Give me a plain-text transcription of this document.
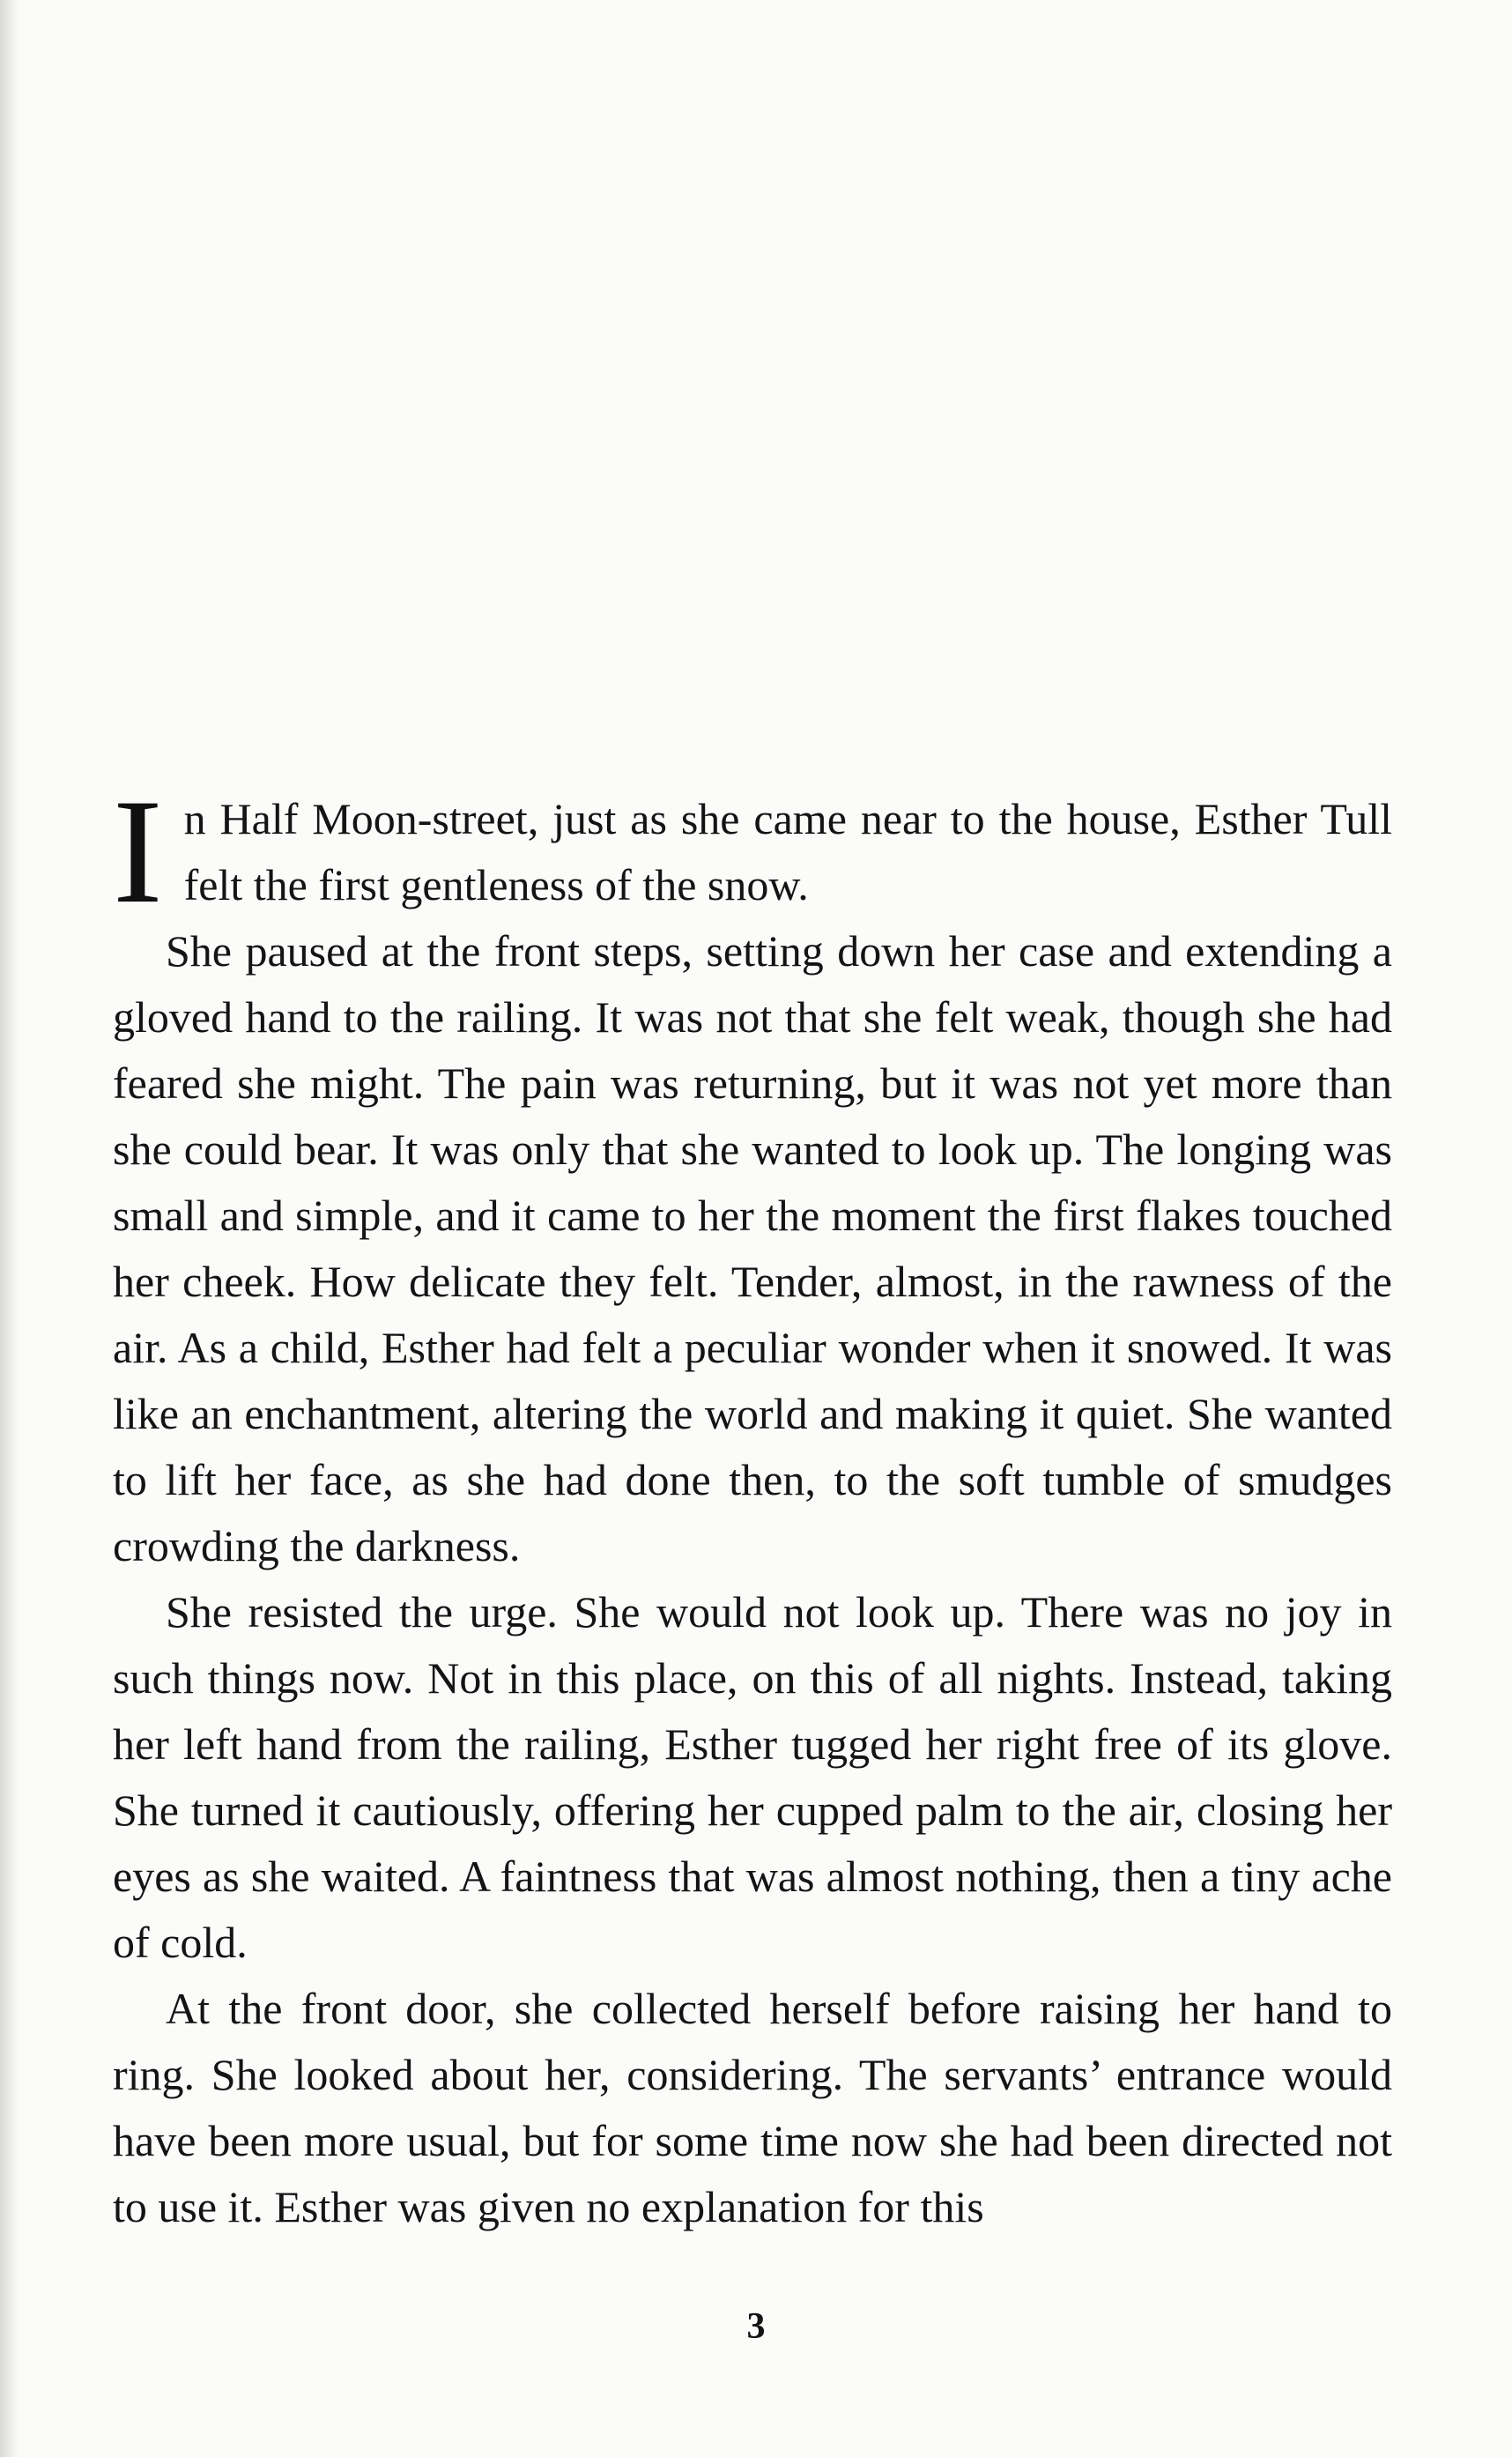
In Half Moon-street, just as she came near to the house, Esther Tull felt the first gentleness of the snow.

She paused at the front steps, setting down her case and extending a gloved hand to the railing. It was not that she felt weak, though she had feared she might. The pain was returning, but it was not yet more than she could bear. It was only that she wanted to look up. The longing was small and simple, and it came to her the moment the first flakes touched her cheek. How delicate they felt. Tender, almost, in the rawness of the air. As a child, Esther had felt a peculiar wonder when it snowed. It was like an enchantment, altering the world and making it quiet. She wanted to lift her face, as she had done then, to the soft tumble of smudges crowding the darkness.

She resisted the urge. She would not look up. There was no joy in such things now. Not in this place, on this of all nights. Instead, taking her left hand from the railing, Esther tugged her right free of its glove. She turned it cautiously, offering her cupped palm to the air, closing her eyes as she waited. A faintness that was almost nothing, then a tiny ache of cold.

At the front door, she collected herself before raising her hand to ring. She looked about her, considering. The servants’ entrance would have been more usual, but for some time now she had been directed not to use it. Esther was given no explanation for this

3
